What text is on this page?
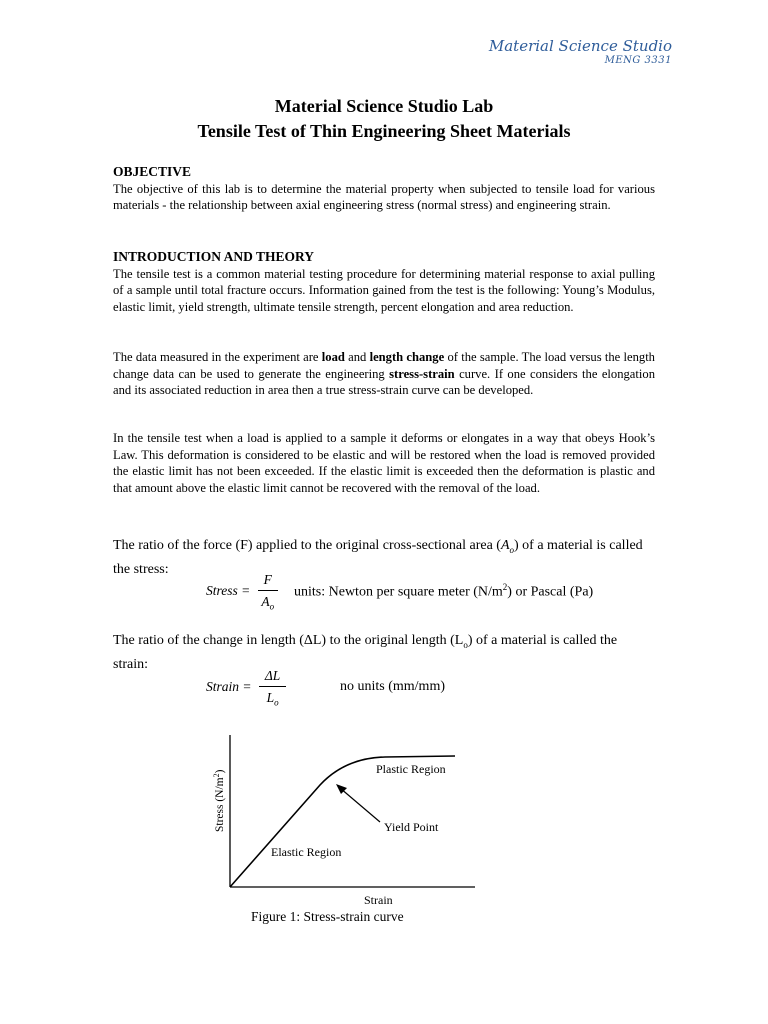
Material Science Studio
MENG 3331
Material Science Studio Lab
Tensile Test of Thin Engineering Sheet Materials
OBJECTIVE

The objective of this lab is to determine the material property when subjected to tensile load for various materials - the relationship between axial engineering stress (normal stress) and engineering strain.

INTRODUCTION AND THEORY

The tensile test is a common material testing procedure for determining material response to axial pulling of a sample until total fracture occurs. Information gained from the test is the following: Young’s Modulus, elastic limit, yield strength, ultimate tensile strength, percent elongation and area reduction.

The data measured in the experiment are load and length change of the sample. The load versus the length change data can be used to generate the engineering stress-strain curve. If one considers the elongation and its associated reduction in area then a true stress-strain curve can be developed.

In the tensile test when a load is applied to a sample it deforms or elongates in a way that obeys Hook’s Law. This deformation is considered to be elastic and will be restored when the load is removed provided the elastic limit has not been exceeded. If the elastic limit is exceeded then the deformation is plastic and that amount above the elastic limit cannot be recovered with the removal of the load.

The ratio of the force (F) applied to the original cross-sectional area $(A_o)$ of a material is called the stress:

Stress = $\frac{F}{A_o}$ units: Newton per square meter $(N/m^2)$ or Pascal (Pa)

The ratio of the change in length (ΔL) to the original length $(L_o)$ of a material is called the strain:

Strain = $\frac{\Delta L}{L_o}$	no units (mm/mm)
Plastic Region
Yield Point
Elastic Region
Strain
Stress $(N/m^2)$
Figure 1: Stress-strain curve
